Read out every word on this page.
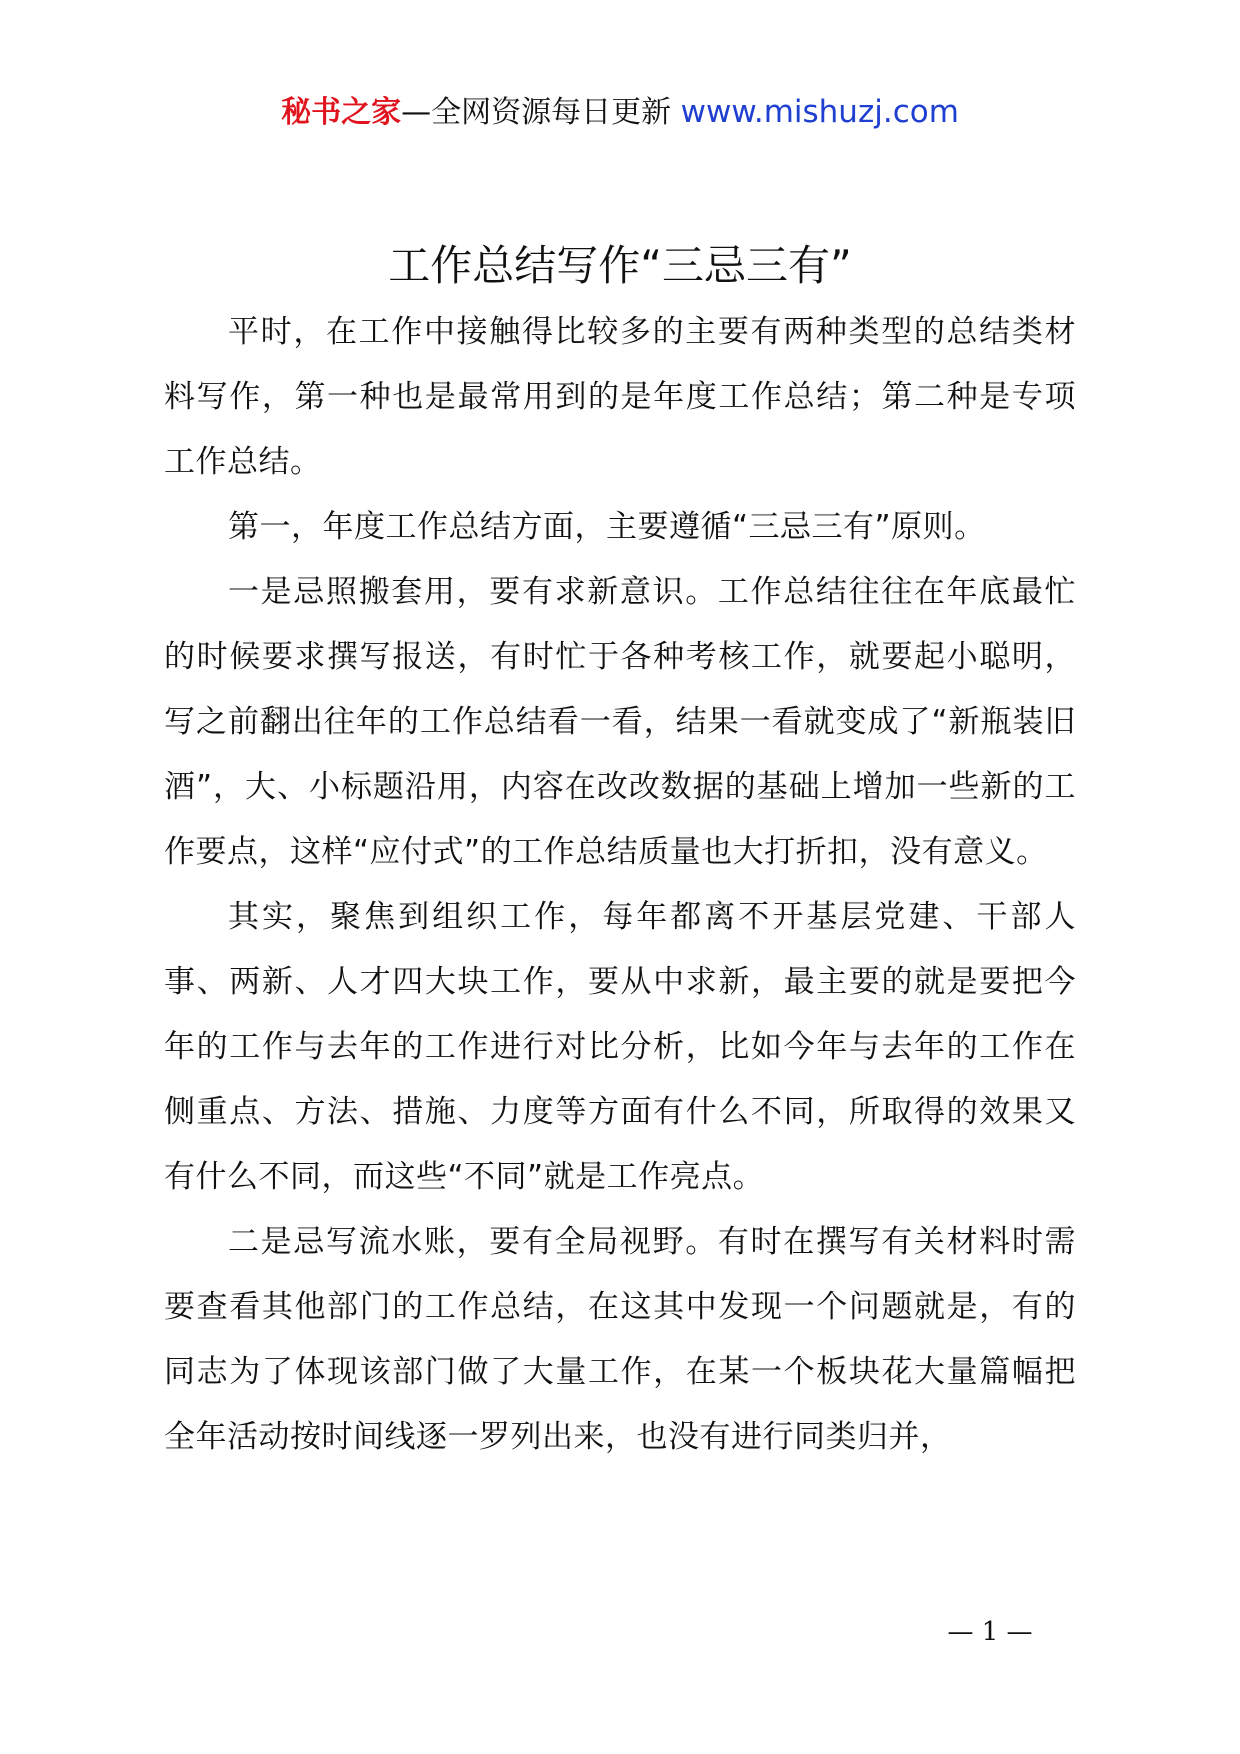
秘书之家—全网资源每日更新 www.mishuzj.com
工作总结写作“三忌三有”

平时，在工作中接触得比较多的主要有两种类型的总结类材料写作，第一种也是最常用到的是年度工作总结；第二种是专项工作总结。

第一，年度工作总结方面，主要遵循“三忌三有”原则。

一是忌照搬套用，要有求新意识。工作总结往往在年底最忙的时候要求撰写报送，有时忙于各种考核工作，就要起小聪明，写之前翻出往年的工作总结看一看，结果一看就变成了“新瓶装旧酒”，大、小标题沿用，内容在改改数据的基础上增加一些新的工作要点，这样“应付式”的工作总结质量也大打折扣，没有意义。

其实，聚焦到组织工作，每年都离不开基层党建、干部人事、两新、人才四大块工作，要从中求新，最主要的就是要把今年的工作与去年的工作进行对比分析，比如今年与去年的工作在侧重点、方法、措施、力度等方面有什么不同，所取得的效果又有什么不同，而这些“不同”就是工作亮点。

二是忌写流水账，要有全局视野。有时在撰写有关材料时需要查看其他部门的工作总结，在这其中发现一个问题就是，有的同志为了体现该部门做了大量工作，在某一个板块花大量篇幅把全年活动按时间线逐一罗列出来，也没有进行同类归并，

— 1 —
